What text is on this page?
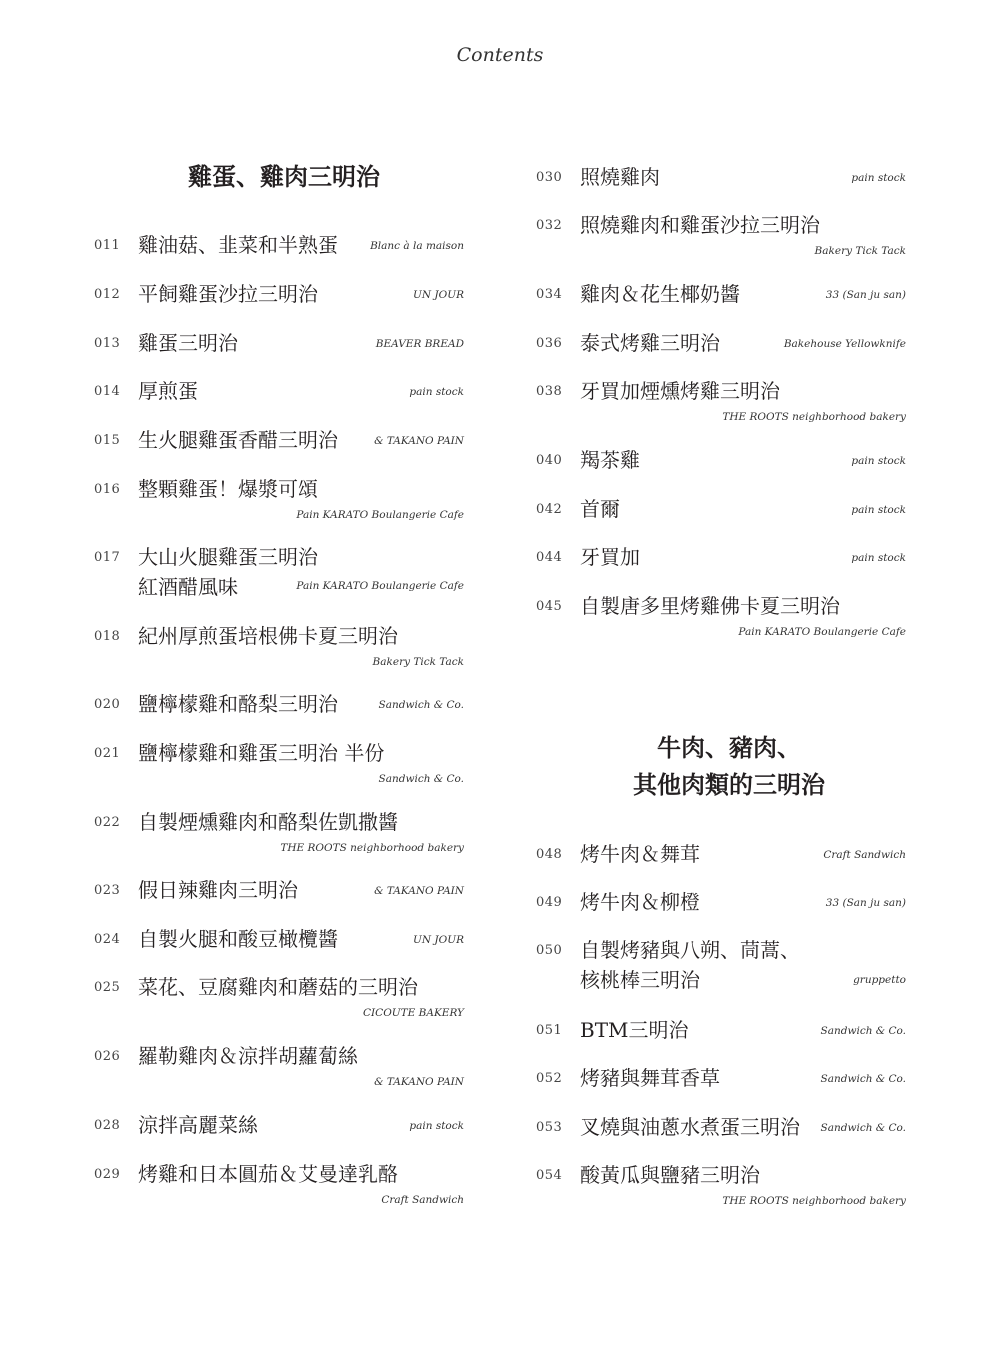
Contents
雞蛋、雞肉三明治
011 雞油菇、韭菜和半熟蛋	Blanc à la maison
012 平飼雞蛋沙拉三明治	UN JOUR
013 雞蛋三明治	BEAVER BREAD
014 厚煎蛋	pain stock
015 生火腿雞蛋香醋三明治	& TAKANO PAIN
016 整顆雞蛋！爆漿可頌
Pain KARATO Boulangerie Cafe
017 大山火腿雞蛋三明治
紅酒醋風味	Pain KARATO Boulangerie Cafe
018 紀州厚煎蛋培根佛卡夏三明治
Bakery Tick Tack
020 鹽檸檬雞和酪梨三明治	Sandwich & Co.
021 鹽檸檬雞和雞蛋三明治 半份
Sandwich & Co.
022 自製煙燻雞肉和酪梨佐凱撒醬
THE ROOTS neighborhood bakery
023 假日辣雞肉三明治	& TAKANO PAIN
024 自製火腿和酸豆橄欖醬	UN JOUR
025 菜花、豆腐雞肉和蘑菇的三明治
CICOUTE BAKERY
026 羅勒雞肉＆涼拌胡蘿蔔絲
& TAKANO PAIN
028 涼拌高麗菜絲	pain stock
029 烤雞和日本圓茄＆艾曼達乳酪
Craft Sandwich
030 照燒雞肉	pain stock
032 照燒雞肉和雞蛋沙拉三明治
Bakery Tick Tack
034 雞肉＆花生椰奶醬	33 (San ju san)
036 泰式烤雞三明治	Bakehouse Yellowknife
038 牙買加煙燻烤雞三明治
THE ROOTS neighborhood bakery
040 羯茶雞	pain stock
042 首爾	pain stock
044 牙買加	pain stock
045 自製唐多里烤雞佛卡夏三明治
Pain KARATO Boulangerie Cafe
牛肉、豬肉、
其他肉類的三明治
048 烤牛肉＆舞茸	Craft Sandwich
049 烤牛肉＆柳橙	33 (San ju san)
050 自製烤豬與八朔、茼蒿、
核桃棒三明治	gruppetto
051 BTM三明治	Sandwich & Co.
052 烤豬與舞茸香草	Sandwich & Co.
053 叉燒與油蔥水煮蛋三明治 Sandwich & Co.
054 酸黃瓜與鹽豬三明治
THE ROOTS neighborhood bakery
